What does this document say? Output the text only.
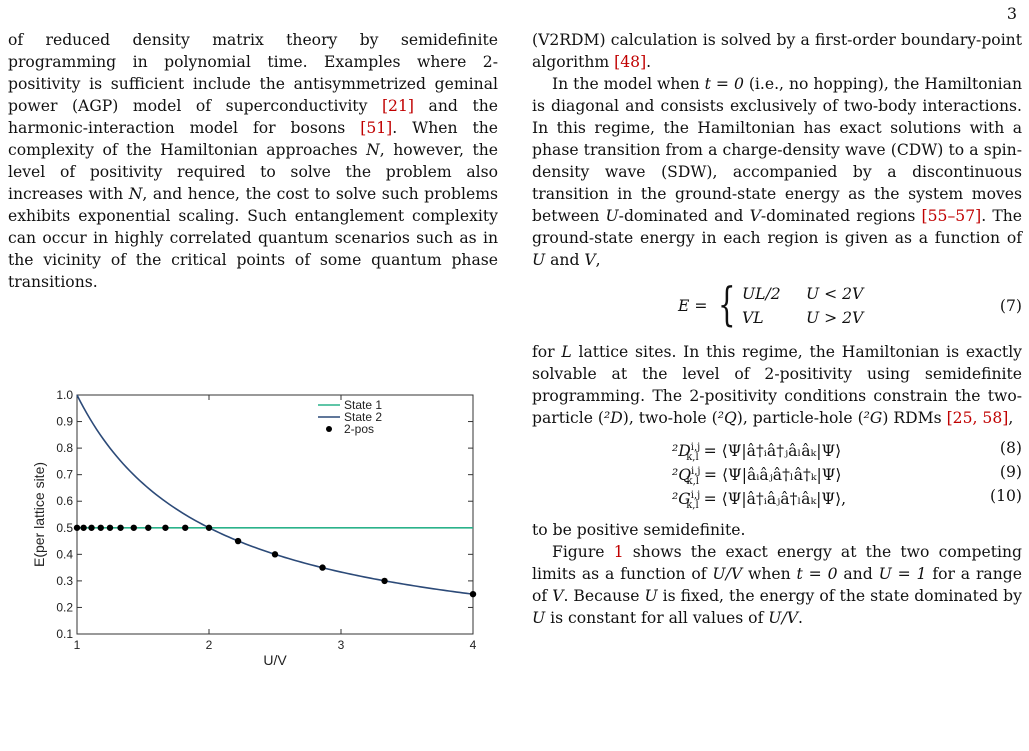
3

of reduced density matrix theory by semidefinite programming in polynomial time. Examples where 2-positivity is sufficient include the antisymmetrized geminal power (AGP) model of superconductivity [21] and the harmonic-interaction model for bosons [51]. When the complexity of the Hamiltonian approaches N, however, the level of positivity required to solve the problem also increases with N, and hence, the cost to solve such problems exhibits exponential scaling. Such entanglement complexity can occur in highly correlated quantum scenarios such as in the vicinity of the critical points of some quantum phase transitions.

1	2	3	4
0.1
0.2
0.3
0.4
0.5
0.6
0.7
0.8
0.9
1.0
U/V
E(per lattice site)
State 1
State 2
2-pos

(V2RDM) calculation is solved by a first-order boundary-point algorithm [48].

In the model when t = 0 (i.e., no hopping), the Hamiltonian is diagonal and consists exclusively of two-body interactions. In this regime, the Hamiltonian has exact solutions with a phase transition from a charge-density wave (CDW) to a spin-density wave (SDW), accompanied by a discontinuous transition in the ground-state energy as the system moves between U-dominated and V-dominated regions [55–57]. The ground-state energy in each region is given as a function of U and V,

E = { UL/2 U < 2V
VL	U > 2V
(7)

for L lattice sites. In this regime, the Hamiltonian is exactly solvable at the level of 2-positivity using semidefinite programming. The 2-positivity conditions constrain the two-particle (²D), two-hole (²Q), particle-hole (²G) RDMs [25, 58],

$^2D^{i,j}_{k,l}$ = ⟨Ψ|â†ᵢâ†ⱼâₗâₖ|Ψ⟩	(8)
$^2Q^{i,j}_{k,l}$ = ⟨Ψ|âᵢâⱼâ†ₗâ†ₖ|Ψ⟩	(9)
$^2G^{i,j}_{k,l}$ = ⟨Ψ|â†ᵢâⱼâ†ₗâₖ|Ψ⟩,	(10)

to be positive semidefinite.

Figure 1 shows the exact energy at the two competing limits as a function of U/V when t = 0 and U = 1 for a range of V. Because U is fixed, the energy of the state dominated by U is constant for all values of U/V.
